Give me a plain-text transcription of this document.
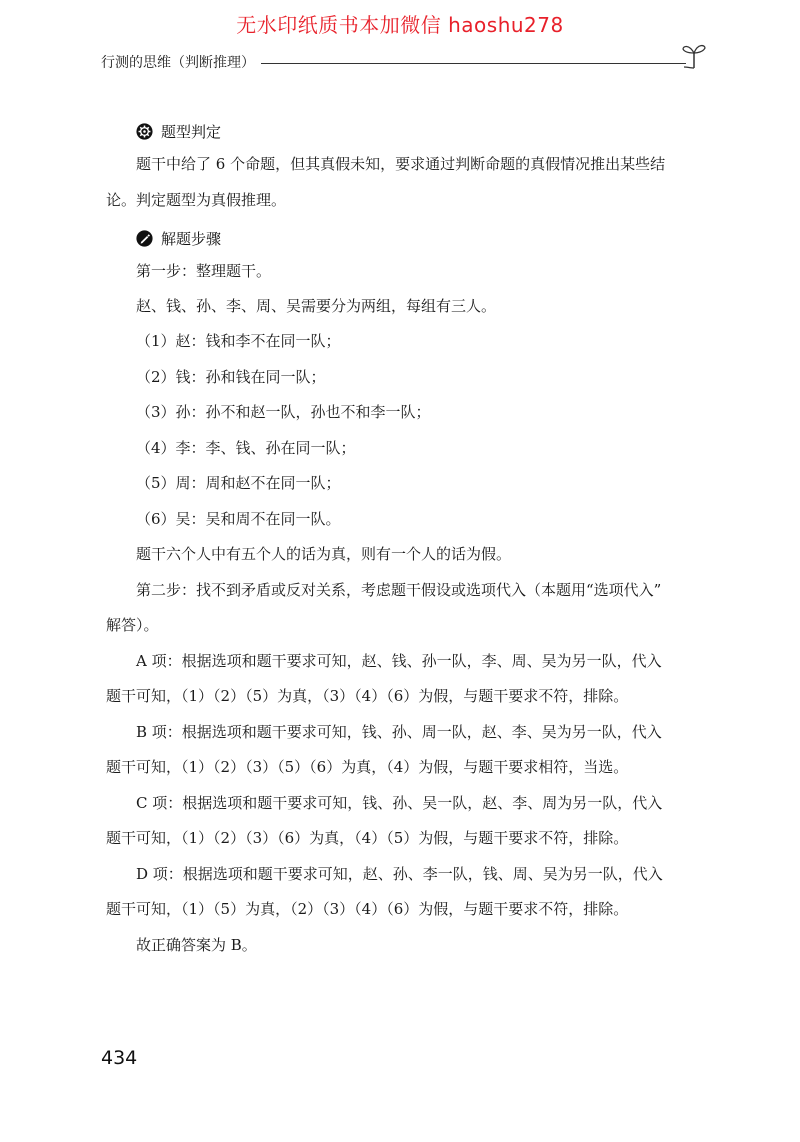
无水印纸质书本加微信 haoshu278
行测的思维（判断推理）
题型判定
题干中给了 6 个命题，但其真假未知，要求通过判断命题的真假情况推出某些结
论。判定题型为真假推理。
解题步骤
第一步：整理题干。
赵、钱、孙、李、周、吴需要分为两组，每组有三人。
（1）赵：钱和李不在同一队；
（2）钱：孙和钱在同一队；
（3）孙：孙不和赵一队，孙也不和李一队；
（4）李：李、钱、孙在同一队；
（5）周：周和赵不在同一队；
（6）吴：吴和周不在同一队。
题干六个人中有五个人的话为真，则有一个人的话为假。
第二步：找不到矛盾或反对关系，考虑题干假设或选项代入（本题用“选项代入”
解答）。
A 项：根据选项和题干要求可知，赵、钱、孙一队，李、周、吴为另一队，代入
题干可知，（1）（2）（5）为真，（3）（4）（6）为假，与题干要求不符，排除。
B 项：根据选项和题干要求可知，钱、孙、周一队，赵、李、吴为另一队，代入
题干可知，（1）（2）（3）（5）（6）为真，（4）为假，与题干要求相符，当选。
C 项：根据选项和题干要求可知，钱、孙、吴一队，赵、李、周为另一队，代入
题干可知，（1）（2）（3）（6）为真，（4）（5）为假，与题干要求不符，排除。
D 项：根据选项和题干要求可知，赵、孙、李一队，钱、周、吴为另一队，代入
题干可知，（1）（5）为真，（2）（3）（4）（6）为假，与题干要求不符，排除。
故正确答案为 B。
434
